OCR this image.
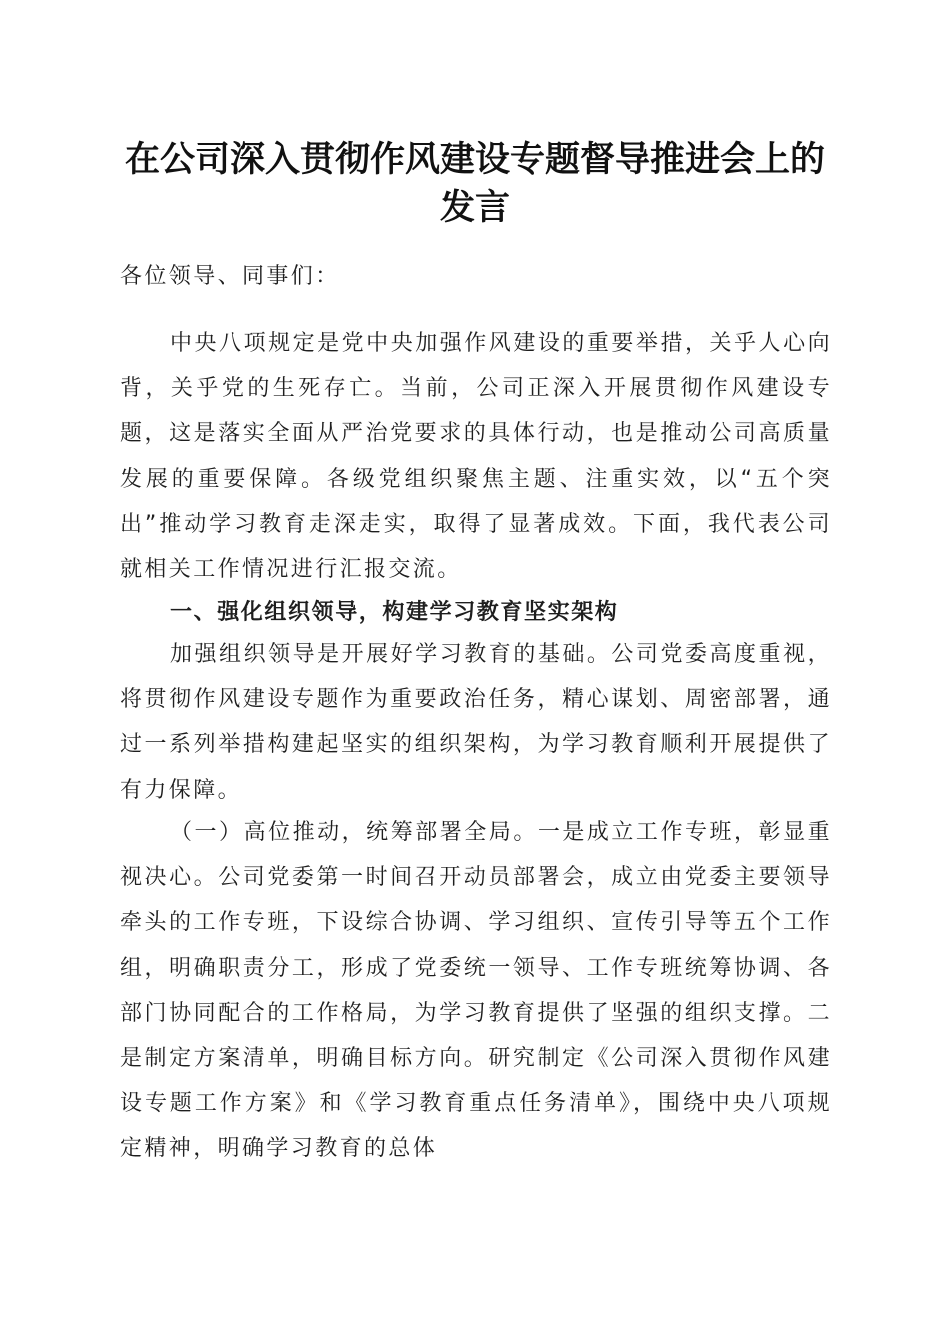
在公司深入贯彻作风建设专题督导推进会上的
发言

各位领导、同事们：

中央八项规定是党中央加强作风建设的重要举措，关乎人心向背，关乎党的生死存亡。当前，公司正深入开展贯彻作风建设专题，这是落实全面从严治党要求的具体行动，也是推动公司高质量发展的重要保障。各级党组织聚焦主题、注重实效，以“五个突出”推动学习教育走深走实，取得了显著成效。下面，我代表公司就相关工作情况进行汇报交流。

一、强化组织领导，构建学习教育坚实架构

加强组织领导是开展好学习教育的基础。公司党委高度重视，将贯彻作风建设专题作为重要政治任务，精心谋划、周密部署，通过一系列举措构建起坚实的组织架构，为学习教育顺利开展提供了有力保障。

（一）高位推动，统筹部署全局。一是成立工作专班，彰显重视决心。公司党委第一时间召开动员部署会，成立由党委主要领导牵头的工作专班，下设综合协调、学习组织、宣传引导等五个工作组，明确职责分工，形成了党委统一领导、工作专班统筹协调、各部门协同配合的工作格局，为学习教育提供了坚强的组织支撑。二是制定方案清单，明确目标方向。研究制定《公司深入贯彻作风建设专题工作方案》和《学习教育重点任务清单》，围绕中央八项规定精神，明确学习教育的总体
